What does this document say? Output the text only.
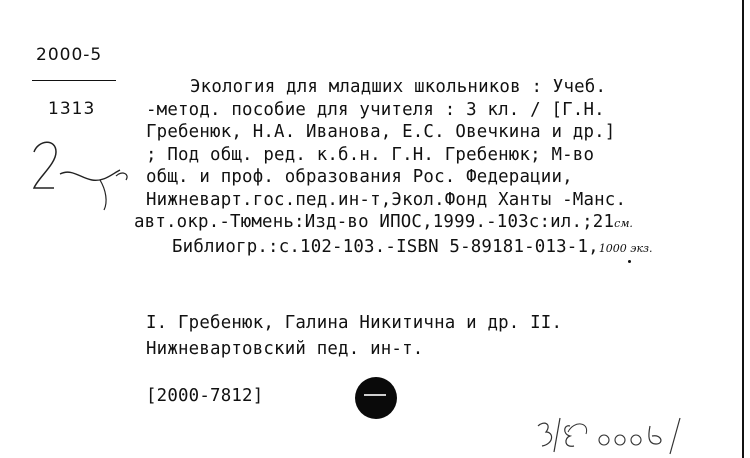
2000-5
1313
Экология для младших школьников : Учеб.
-метод. пособие для учителя : 3 кл. / [Г.Н.
Гребенюк, Н.А. Иванова, Е.С. Овечкина и др.]
; Под общ. ред. к.б.н. Г.Н. Гребенюк; М-во
общ. и проф. образования Рос. Федерации,
Нижневарт.гос.пед.ин-т,Экол.Фонд Ханты -Манс.
авт.окр.-Тюмень:Изд-во ИПОС,1999.-103с:ил.;21см.
Библиогр.:с.102-103.-ISBN 5-89181-013-1,1000 экз.
I. Гребенюк, Галина Никитична и др. II.
Нижневартовский пед. ин-т.
[2000-7812]
